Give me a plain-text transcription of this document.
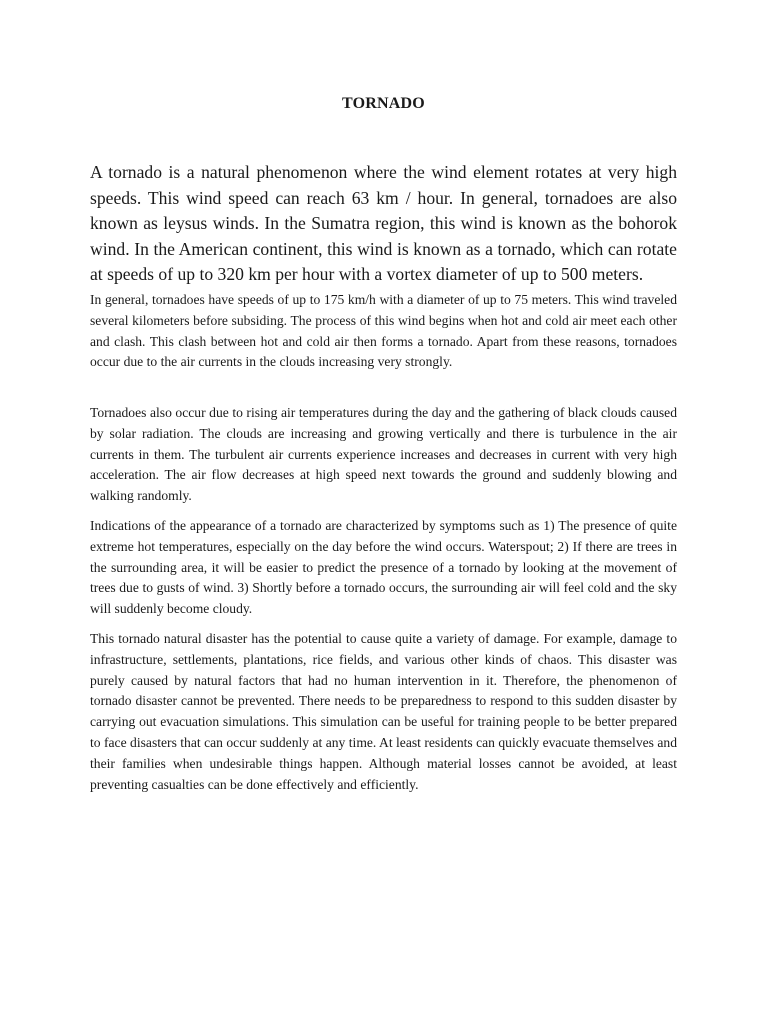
TORNADO

A tornado is a natural phenomenon where the wind element rotates at very high speeds. This wind speed can reach 63 km / hour. In general, tornadoes are also known as leysus winds. In the Sumatra region, this wind is known as the bohorok wind. In the American continent, this wind is known as a tornado, which can rotate at speeds of up to 320 km per hour with a vortex diameter of up to 500 meters.

In general, tornadoes have speeds of up to 175 km/h with a diameter of up to 75 meters. This wind traveled several kilometers before subsiding. The process of this wind begins when hot and cold air meet each other and clash. This clash between hot and cold air then forms a tornado. Apart from these reasons, tornadoes occur due to the air currents in the clouds increasing very strongly.

Tornadoes also occur due to rising air temperatures during the day and the gathering of black clouds caused by solar radiation. The clouds are increasing and growing vertically and there is turbulence in the air currents in them. The turbulent air currents experience increases and decreases in current with very high acceleration. The air flow decreases at high speed next towards the ground and suddenly blowing and walking randomly.

Indications of the appearance of a tornado are characterized by symptoms such as 1) The presence of quite extreme hot temperatures, especially on the day before the wind occurs. Waterspout; 2) If there are trees in the surrounding area, it will be easier to predict the presence of a tornado by looking at the movement of trees due to gusts of wind. 3) Shortly before a tornado occurs, the surrounding air will feel cold and the sky will suddenly become cloudy.

This tornado natural disaster has the potential to cause quite a variety of damage. For example, damage to infrastructure, settlements, plantations, rice fields, and various other kinds of chaos. This disaster was purely caused by natural factors that had no human intervention in it. Therefore, the phenomenon of tornado disaster cannot be prevented. There needs to be preparedness to respond to this sudden disaster by carrying out evacuation simulations. This simulation can be useful for training people to be better prepared to face disasters that can occur suddenly at any time. At least residents can quickly evacuate themselves and their families when undesirable things happen. Although material losses cannot be avoided, at least preventing casualties can be done effectively and efficiently.
